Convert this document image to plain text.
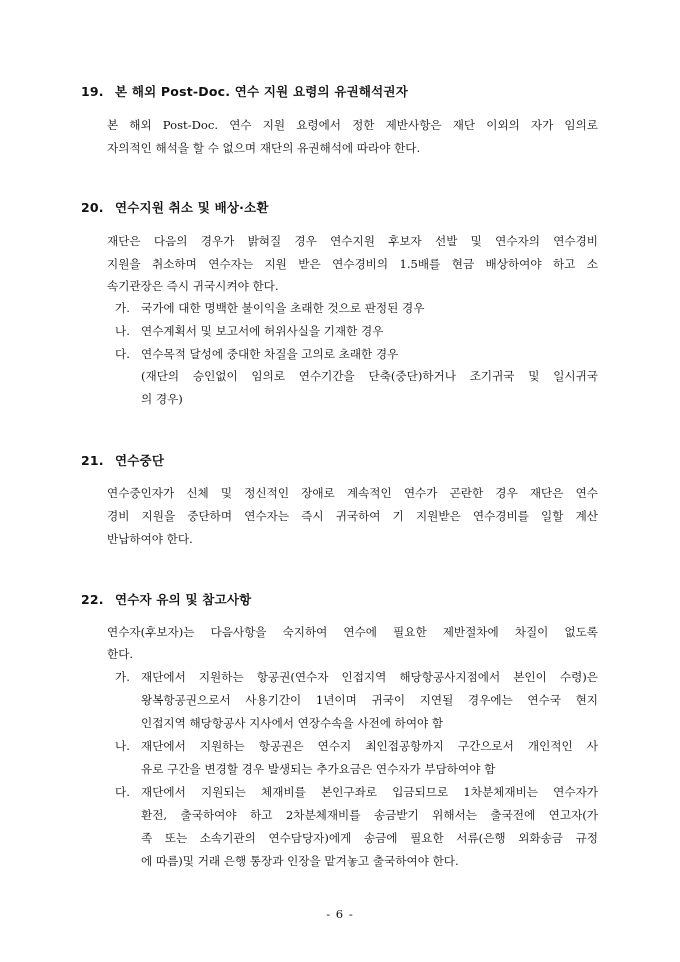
19. 본 해외 Post-Doc. 연수 지원 요령의 유권해석권자
본 해외 Post-Doc. 연수 지원 요령에서 정한 제반사항은 재단 이외의 자가 임의로
자의적인 해석을 할 수 없으며 재단의 유권해석에 따라야 한다.
20. 연수지원 취소 및 배상·소환
재단은 다음의 경우가 밝혀질 경우 연수지원 후보자 선발 및 연수자의 연수경비
지원을 취소하며 연수자는 지원 받은 연수경비의 1.5배를 현금 배상하여야 하고 소
속기관장은 즉시 귀국시켜야 한다.
가. 국가에 대한 명백한 불이익을 초래한 것으로 판정된 경우
나. 연수계획서 및 보고서에 허위사실을 기재한 경우
다. 연수목적 달성에 중대한 차질을 고의로 초래한 경우
(재단의 승인없이 임의로 연수기간을 단축(중단)하거나 조기귀국 및 일시귀국
의 경우)
21. 연수중단
연수중인자가 신체 및 정신적인 장애로 계속적인 연수가 곤란한 경우 재단은 연수
경비 지원을 중단하며 연수자는 즉시 귀국하여 기 지원받은 연수경비를 일할 계산
반납하여야 한다.
22. 연수자 유의 및 참고사항
연수자(후보자)는 다음사항을 숙지하여 연수에 필요한 제반절차에 차질이 없도록
한다.
가. 재단에서 지원하는 항공권(연수자 인접지역 해당항공사지점에서 본인이 수령)은
왕복항공권으로서 사용기간이 1년이며 귀국이 지연될 경우에는 연수국 현지
인접지역 해당항공사 지사에서 연장수속을 사전에 하여야 함
나. 재단에서 지원하는 항공권은 연수지 최인접공항까지 구간으로서 개인적인 사
유로 구간을 변경할 경우 발생되는 추가요금은 연수자가 부담하여야 함
다. 재단에서 지원되는 체재비를 본인구좌로 입금되므로 1차분체재비는 연수자가
환전, 출국하여야 하고 2차분체재비를 송금받기 위해서는 출국전에 연고자(가
족 또는 소속기관의 연수담당자)에게 송금에 필요한 서류(은행 외화송금 규정
에 따름)및 거래 은행 통장과 인장을 맡겨놓고 출국하여야 한다.
- 6 -
